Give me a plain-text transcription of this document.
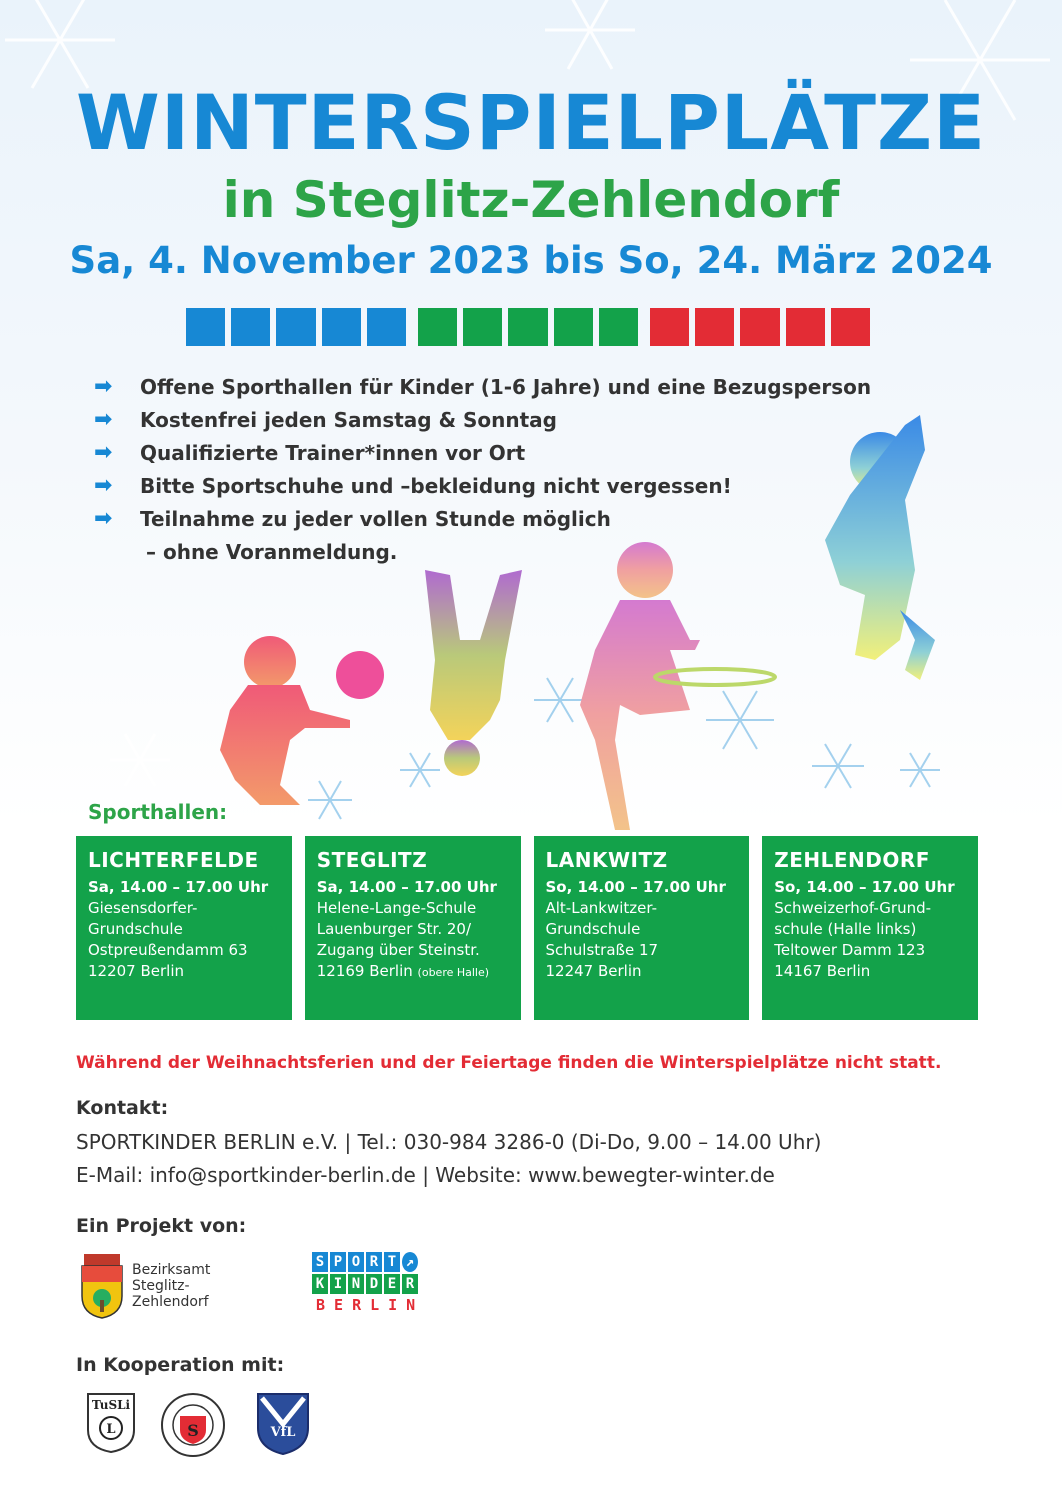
WINTERSPIELPLÄTZE
in Steglitz-Zehlendorf
Sa, 4. November 2023 bis So, 24. März 2024
➡	Offene Sporthallen für Kinder (1-6 Jahre) und eine Bezugsperson
➡	Kostenfrei jeden Samstag & Sonntag
➡	Qualifizierte Trainer*innen vor Ort
➡	Bitte Sportschuhe und –bekleidung nicht vergessen!
➡	Teilnahme zu jeder vollen Stunde möglich
– ohne Voranmeldung.
Sporthallen:
LICHTERFELDE
Sa, 14.00 – 17.00 Uhr
Giesensdorfer-
Grundschule
Ostpreußendamm 63
12207 Berlin
STEGLITZ
Sa, 14.00 – 17.00 Uhr
Helene-Lange-Schule
Lauenburger Str. 20/
Zugang über Steinstr.
12169 Berlin (obere Halle)
LANKWITZ
So, 14.00 – 17.00 Uhr
Alt-Lankwitzer-
Grundschule
Schulstraße 17
12247 Berlin
ZEHLENDORF
So, 14.00 – 17.00 Uhr
Schweizerhof-Grund-
schule (Halle links)
Teltower Damm 123
14167 Berlin
Während der Weihnachtsferien und der Feiertage finden die Winterspielplätze nicht statt.
Kontakt:
SPORTKINDER BERLIN e.V. | Tel.: 030-984 3286-0 (Di-Do, 9.00 – 14.00 Uhr)
E-Mail: info@sportkinder-berlin.de | Website: www.bewegter-winter.de
Ein Projekt von:
Bezirksamt
Steglitz-
Zehlendorf
S P O R T ↗
K I N D E R
B E R L I N
In Kooperation mit:
TuSLi
L	S	VfL
